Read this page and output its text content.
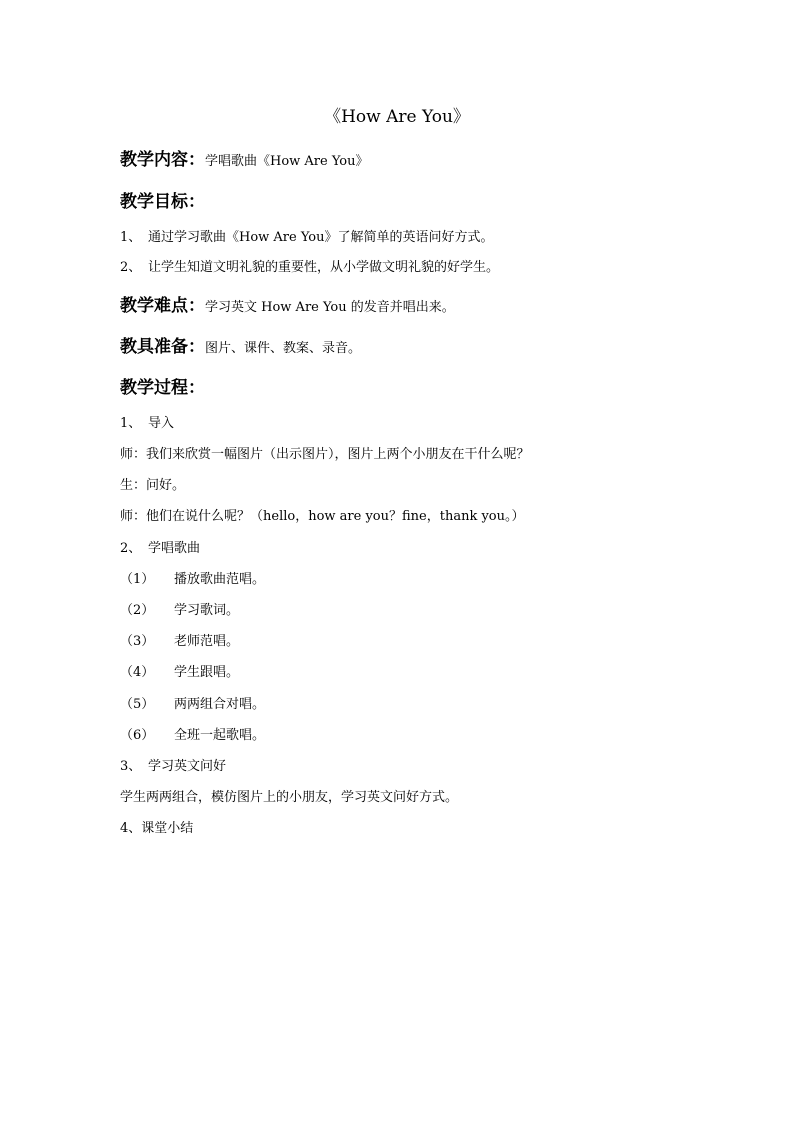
《How Are You》
教学内容：学唱歌曲《How Are You》
教学目标：
1、 通过学习歌曲《How Are You》了解简单的英语问好方式。
2、 让学生知道文明礼貌的重要性，从小学做文明礼貌的好学生。
教学难点：学习英文 How Are You 的发音并唱出来。
教具准备：图片、课件、教案、录音。
教学过程：
1、 导入
师：我们来欣赏一幅图片（出示图片），图片上两个小朋友在干什么呢？
生：问好。
师：他们在说什么呢？（hello，how are you？fine，thank you。）
2、 学唱歌曲
（1） 播放歌曲范唱。
（2） 学习歌词。
（3） 老师范唱。
（4） 学生跟唱。
（5） 两两组合对唱。
（6） 全班一起歌唱。
3、 学习英文问好
学生两两组合，模仿图片上的小朋友，学习英文问好方式。
4、课堂小结
